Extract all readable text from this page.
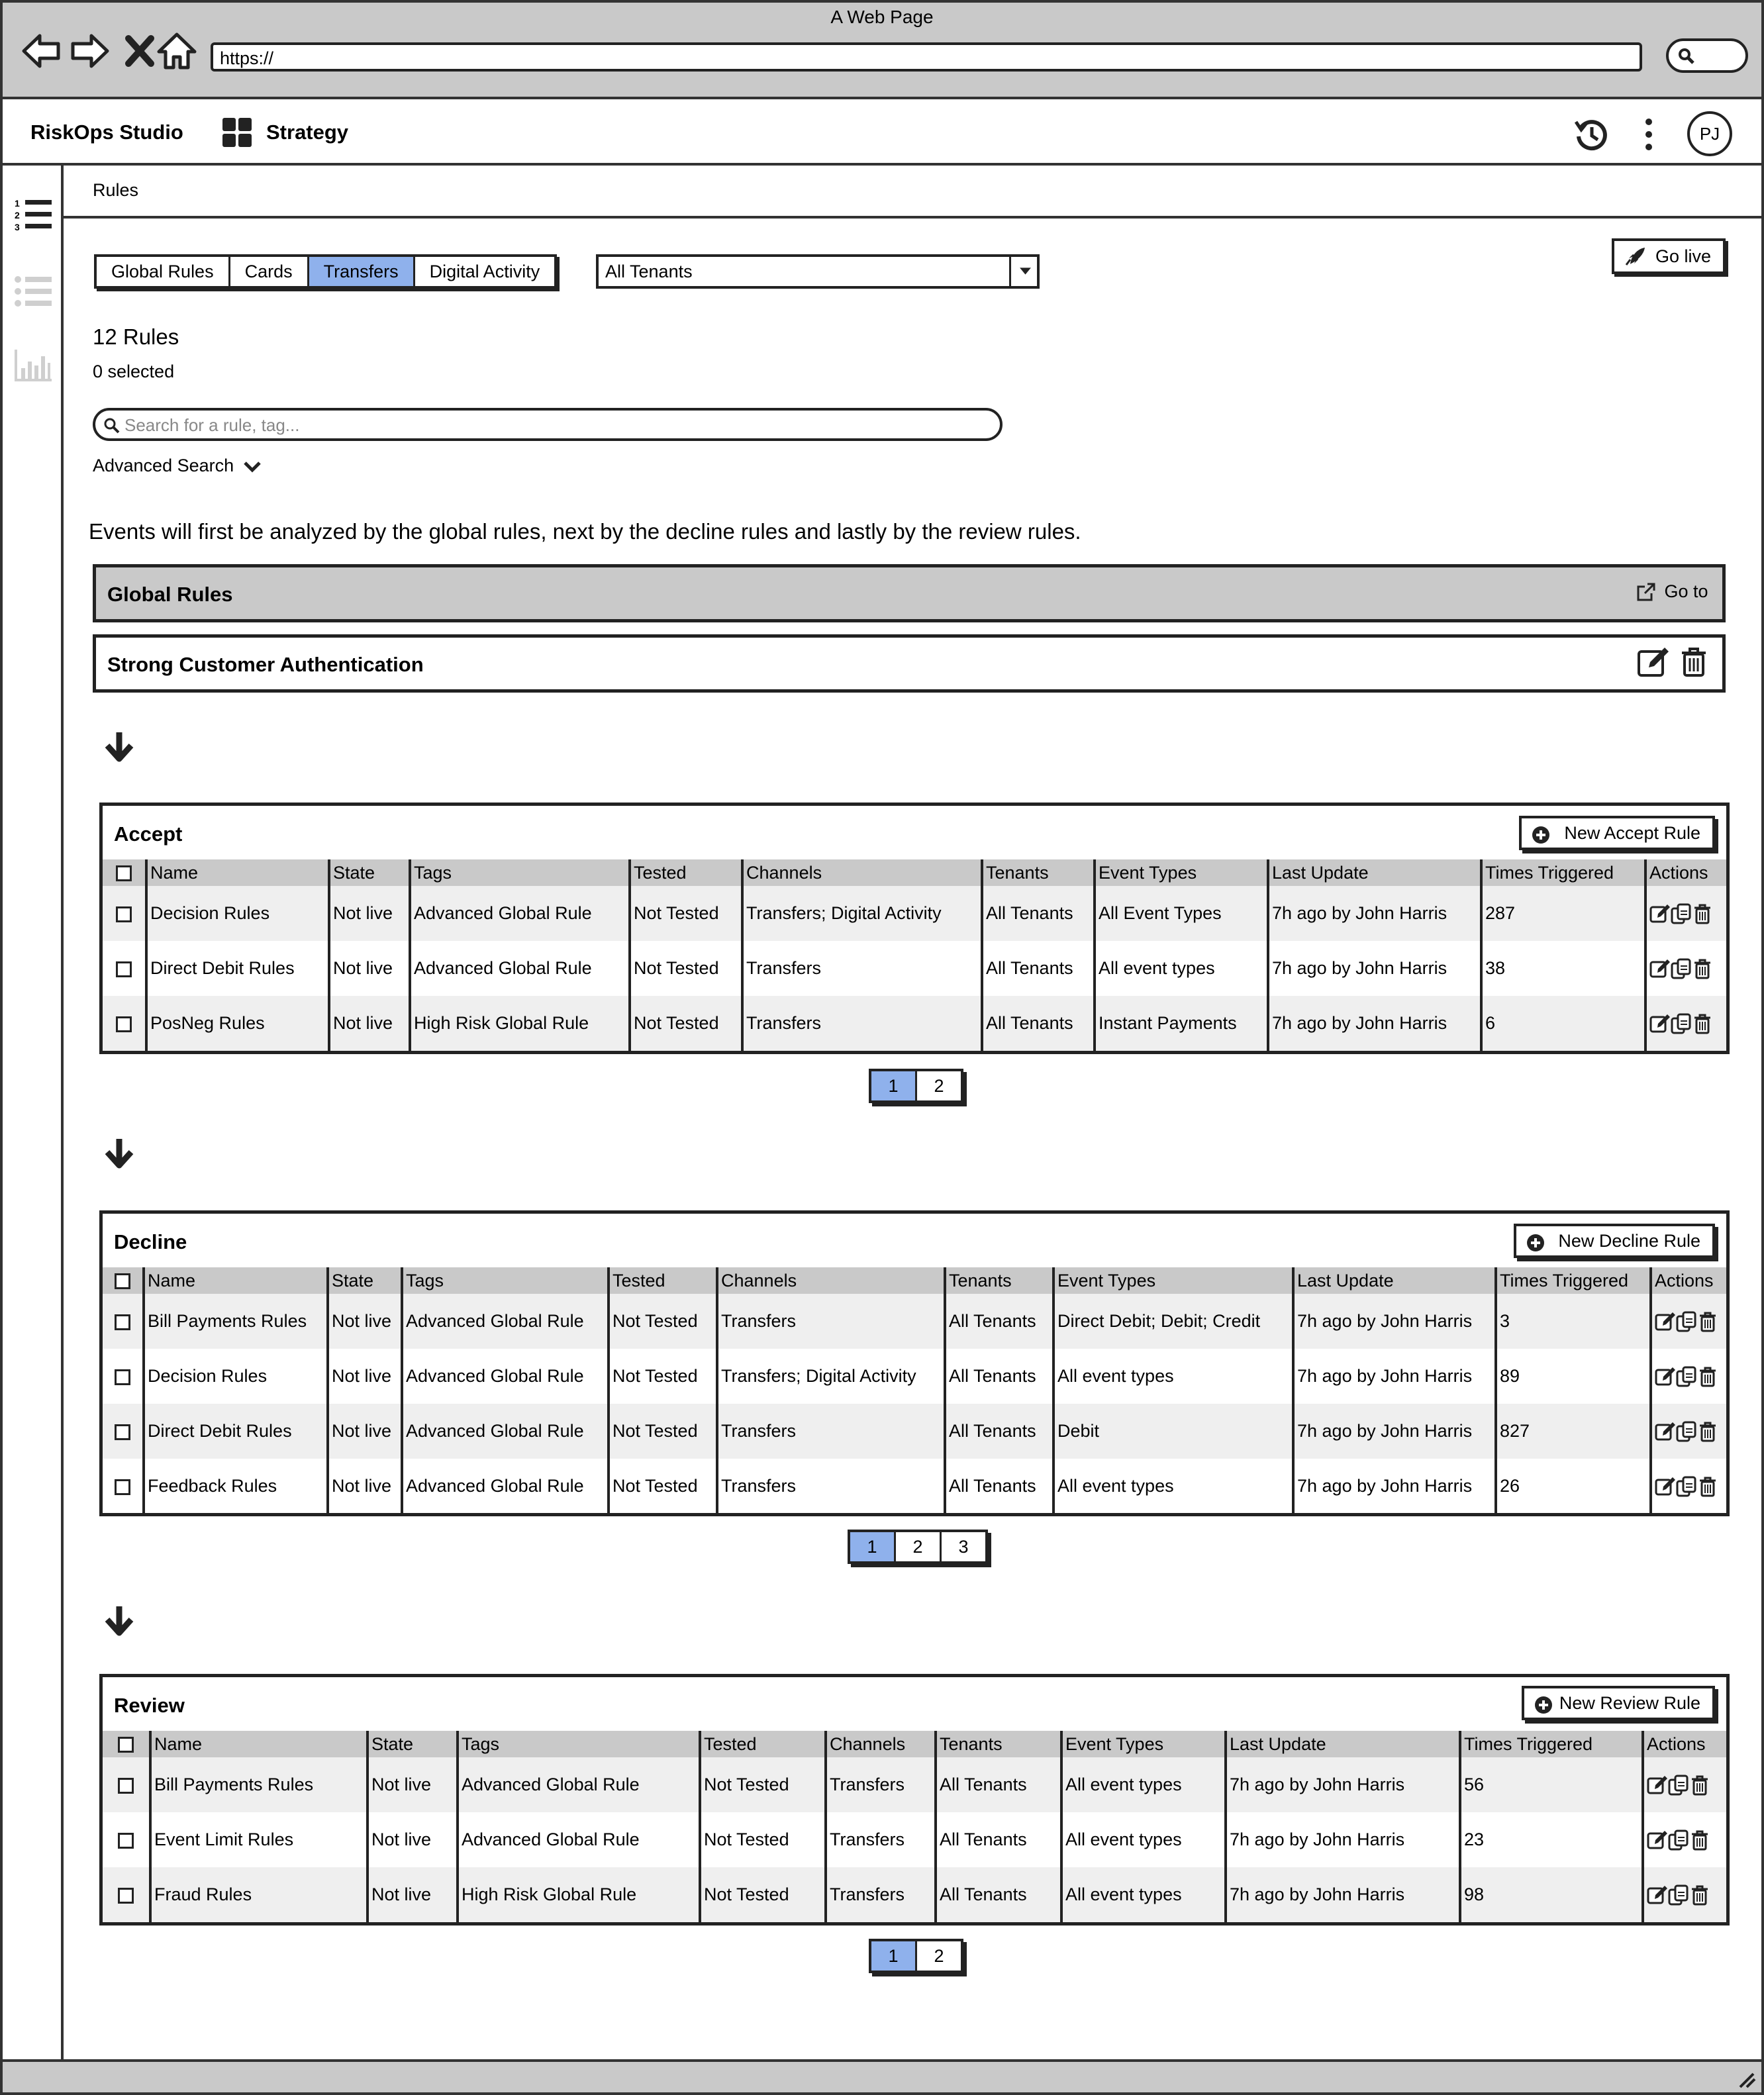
A Web Page
https://
RiskOps Studio	Strategy	PJ
1
2
3
Rules
Global Rules	Cards	Transfers	Digital Activity	All Tenants
Go live
12 Rules
0 selected
Search for a rule, tag...
Advanced Search
Events will first be analyzed by the global rules, next by the decline rules and lastly by the review rules.
Global Rules	Go to
Strong Customer Authentication
Accept	New Accept Rule
	Name	State	Tags	Tested	Channels	Tenants	Event Types	Last Update	Times Triggered	Actions
	Decision Rules	Not live	Advanced Global Rule	Not Tested	Transfers; Digital Activity	All Tenants	All Event Types	7h ago by John Harris	287	
	Direct Debit Rules	Not live	Advanced Global Rule	Not Tested	Transfers	All Tenants	All event types	7h ago by John Harris	38	
	PosNeg Rules	Not live	High Risk Global Rule	Not Tested	Transfers	All Tenants	Instant Payments	7h ago by John Harris	6	
1	2
Decline	New Decline Rule
	Name	State	Tags	Tested	Channels	Tenants	Event Types	Last Update	Times Triggered	Actions
	Bill Payments Rules	Not live	Advanced Global Rule	Not Tested	Transfers	All Tenants	Direct Debit; Debit; Credit	7h ago by John Harris	3	
	Decision Rules	Not live	Advanced Global Rule	Not Tested	Transfers; Digital Activity	All Tenants	All event types	7h ago by John Harris	89	
	Direct Debit Rules	Not live	Advanced Global Rule	Not Tested	Transfers	All Tenants	Debit	7h ago by John Harris	827	
	Feedback Rules	Not live	Advanced Global Rule	Not Tested	Transfers	All Tenants	All event types	7h ago by John Harris	26	
1	2	3
Review	New Review Rule
	Name	State	Tags	Tested	Channels	Tenants	Event Types	Last Update	Times Triggered	Actions
	Bill Payments Rules	Not live	Advanced Global Rule	Not Tested	Transfers	All Tenants	All event types	7h ago by John Harris	56	
	Event Limit Rules	Not live	Advanced Global Rule	Not Tested	Transfers	All Tenants	All event types	7h ago by John Harris	23	
	Fraud Rules	Not live	High Risk Global Rule	Not Tested	Transfers	All Tenants	All event types	7h ago by John Harris	98	
1	2
